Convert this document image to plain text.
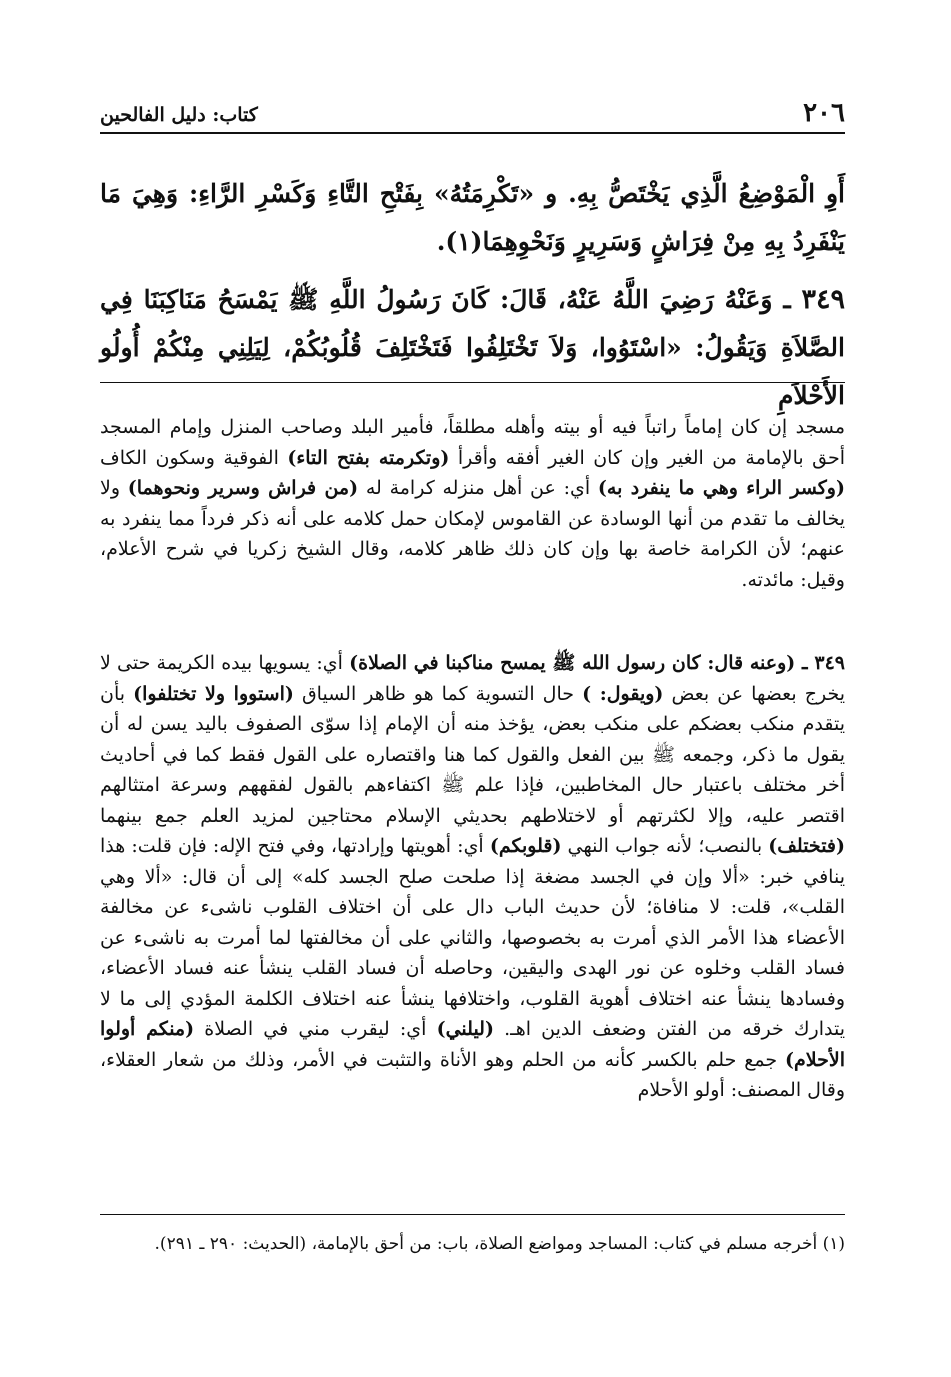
٢٠٦
كتاب: دليل الفالحين
أَوِ الْمَوْضِعُ الَّذِي يَخْتَصُّ بِهِ. و «تَكْرِمَتُهُ» بِفَتْحِ التَّاءِ وَكَسْرِ الرَّاءِ: وَهِيَ مَا يَنْفَرِدُ بِهِ مِنْ فِرَاشٍ وَسَرِيرٍ وَنَحْوِهِمَا(١).
٣٤٩ ـ وَعَنْهُ رَضِيَ اللَّهُ عَنْهُ، قَالَ: كَانَ رَسُولُ اللَّهِ ﷺ يَمْسَحُ مَنَاكِبَنَا فِي الصَّلاَةِ وَيَقُولُ: «اسْتَوُوا، وَلاَ تَخْتَلِفُوا فَتَخْتَلِفَ قُلُوبُكُمْ، لِيَلِنِي مِنْكُمْ أُولُو الأَحْلاَمِ

مسجد إن كان إماماً راتباً فيه أو بيته وأهله مطلقاً، فأمير البلد وصاحب المنزل وإمام المسجد أحق بالإمامة من الغير وإن كان الغير أفقه وأقرأ (وتكرمته بفتح التاء) الفوقية وسكون الكاف (وكسر الراء وهي ما ينفرد به) أي: عن أهل منزله كرامة له (من فراش وسرير ونحوهما) ولا يخالف ما تقدم من أنها الوسادة عن القاموس لإمكان حمل كلامه على أنه ذكر فرداً مما ينفرد به عنهم؛ لأن الكرامة خاصة بها وإن كان ذلك ظاهر كلامه، وقال الشيخ زكريا في شرح الأعلام، وقيل: مائدته.

٣٤٩ ـ (وعنه قال: كان رسول الله ﷺ يمسح مناكبنا في الصلاة) أي: يسويها بيده الكريمة حتى لا يخرج بعضها عن بعض (ويقول: ) حال التسوية كما هو ظاهر السياق (استووا ولا تختلفوا) بأن يتقدم منكب بعضكم على منكب بعض، يؤخذ منه أن الإمام إذا سوّى الصفوف باليد يسن له أن يقول ما ذكر، وجمعه ﷺ بين الفعل والقول كما هنا واقتصاره على القول فقط كما في أحاديث أخر مختلف باعتبار حال المخاطبين، فإذا علم ﷺ اكتفاءهم بالقول لفقههم وسرعة امتثالهم اقتصر عليه، وإلا لكثرتهم أو لاختلاطهم بحديثي الإسلام محتاجين لمزيد العلم جمع بينهما (فتختلف) بالنصب؛ لأنه جواب النهي (قلوبكم) أي: أهويتها وإرادتها، وفي فتح الإله: فإن قلت: هذا ينافي خبر: «ألا وإن في الجسد مضغة إذا صلحت صلح الجسد كله» إلى أن قال: «ألا وهي القلب»، قلت: لا منافاة؛ لأن حديث الباب دال على أن اختلاف القلوب ناشىء عن مخالفة الأعضاء هذا الأمر الذي أمرت به بخصوصها، والثاني على أن مخالفتها لما أمرت به ناشىء عن فساد القلب وخلوه عن نور الهدى واليقين، وحاصله أن فساد القلب ينشأ عنه فساد الأعضاء، وفسادها ينشأ عنه اختلاف أهوية القلوب، واختلافها ينشأ عنه اختلاف الكلمة المؤدي إلى ما لا يتدارك خرقه من الفتن وضعف الدين اهـ. (ليلني) أي: ليقرب مني في الصلاة (منكم أولوا الأحلام) جمع حلم بالكسر كأنه من الحلم وهو الأناة والتثبت في الأمر، وذلك من شعار العقلاء، وقال المصنف: أولو الأحلام

(١) أخرجه مسلم في كتاب: المساجد ومواضع الصلاة، باب: من أحق بالإمامة، (الحديث: ٢٩٠ ـ ٢٩١).
